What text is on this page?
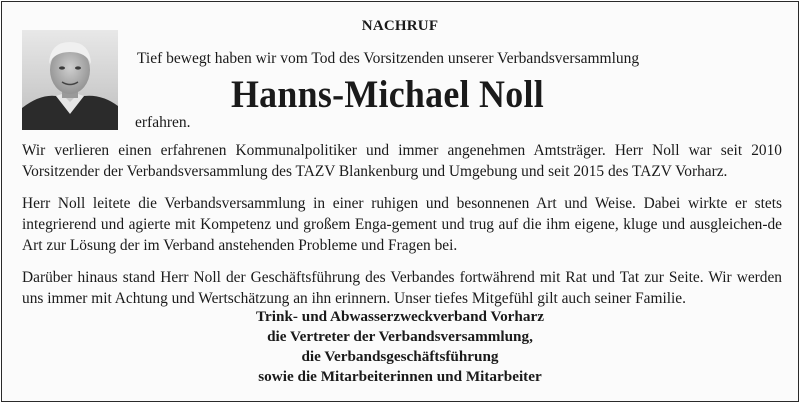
NACHRUF
Tief bewegt haben wir vom Tod des Vorsitzenden unserer Verbandsversammlung
Hanns-Michael Noll
erfahren.

Wir verlieren einen erfahrenen Kommunalpolitiker und immer angenehmen Amtsträger. Herr Noll war seit 2010 Vorsitzender der Verbandsversammlung des TAZV Blankenburg und Umgebung und seit 2015 des TAZV Vorharz.

Herr Noll leitete die Verbandsversammlung in einer ruhigen und besonnenen Art und Weise. Dabei wirkte er stets integrierend und agierte mit Kompetenz und großem Enga-gement und trug auf die ihm eigene, kluge und ausgleichen-de Art zur Lösung der im Verband anstehenden Probleme und Fragen bei.

Darüber hinaus stand Herr Noll der Geschäftsführung des Verbandes fortwährend mit Rat und Tat zur Seite. Wir werden uns immer mit Achtung und Wertschätzung an ihn erinnern. Unser tiefes Mitgefühl gilt auch seiner Familie.

Trink- und Abwasserzweckverband Vorharz
die Vertreter der Verbandsversammlung,
die Verbandsgeschäftsführung
sowie die Mitarbeiterinnen und Mitarbeiter
